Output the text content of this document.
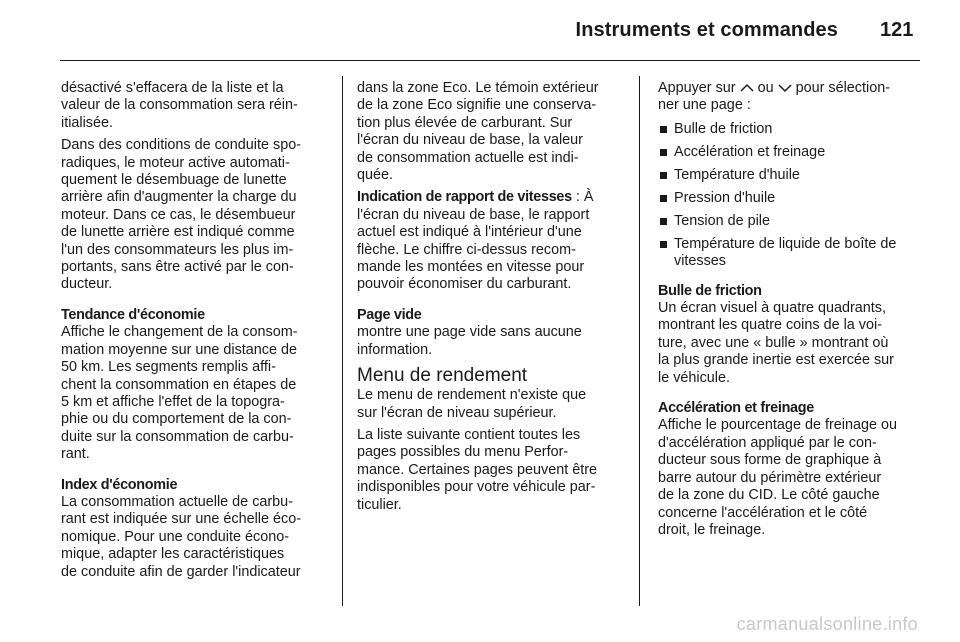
Instruments et commandes 121
désactivé s'effacera de la liste et la
valeur de la consommation sera réin-
itialisée.
Dans des conditions de conduite spo-
radiques, le moteur active automati-
quement le désembuage de lunette
arrière afin d'augmenter la charge du
moteur. Dans ce cas, le désembueur
de lunette arrière est indiqué comme
l'un des consommateurs les plus im-
portants, sans être activé par le con-
ducteur.
Tendance d'économie
Affiche le changement de la consom-
mation moyenne sur une distance de
50 km. Les segments remplis affi-
chent la consommation en étapes de
5 km et affiche l'effet de la topogra-
phie ou du comportement de la con-
duite sur la consommation de carbu-
rant.
Index d'économie
La consommation actuelle de carbu-
rant est indiquée sur une échelle éco-
nomique. Pour une conduite écono-
mique, adapter les caractéristiques
de conduite afin de garder l'indicateur
dans la zone Eco. Le témoin extérieur
de la zone Eco signifie une conserva-
tion plus élevée de carburant. Sur
l'écran du niveau de base, la valeur
de consommation actuelle est indi-
quée.
Indication de rapport de vitesses : À
l'écran du niveau de base, le rapport
actuel est indiqué à l'intérieur d'une
flèche. Le chiffre ci-dessus recom-
mande les montées en vitesse pour
pouvoir économiser du carburant.
Page vide
montre une page vide sans aucune
information.
Menu de rendement
Le menu de rendement n'existe que
sur l'écran de niveau supérieur.
La liste suivante contient toutes les
pages possibles du menu Perfor-
mance. Certaines pages peuvent être
indisponibles pour votre véhicule par-
ticulier.
Appuyer sur  ou  pour sélection-
ner une page :
Bulle de friction
Accélération et freinage
Température d'huile
Pression d'huile
Tension de pile
Température de liquide de boîte de
vitesses
Bulle de friction
Un écran visuel à quatre quadrants,
montrant les quatre coins de la voi-
ture, avec une « bulle » montrant où
la plus grande inertie est exercée sur
le véhicule.
Accélération et freinage
Affiche le pourcentage de freinage ou
d'accélération appliqué par le con-
ducteur sous forme de graphique à
barre autour du périmètre extérieur
de la zone du CID. Le côté gauche
concerne l'accélération et le côté
droit, le freinage.
carmanualsonline.info
